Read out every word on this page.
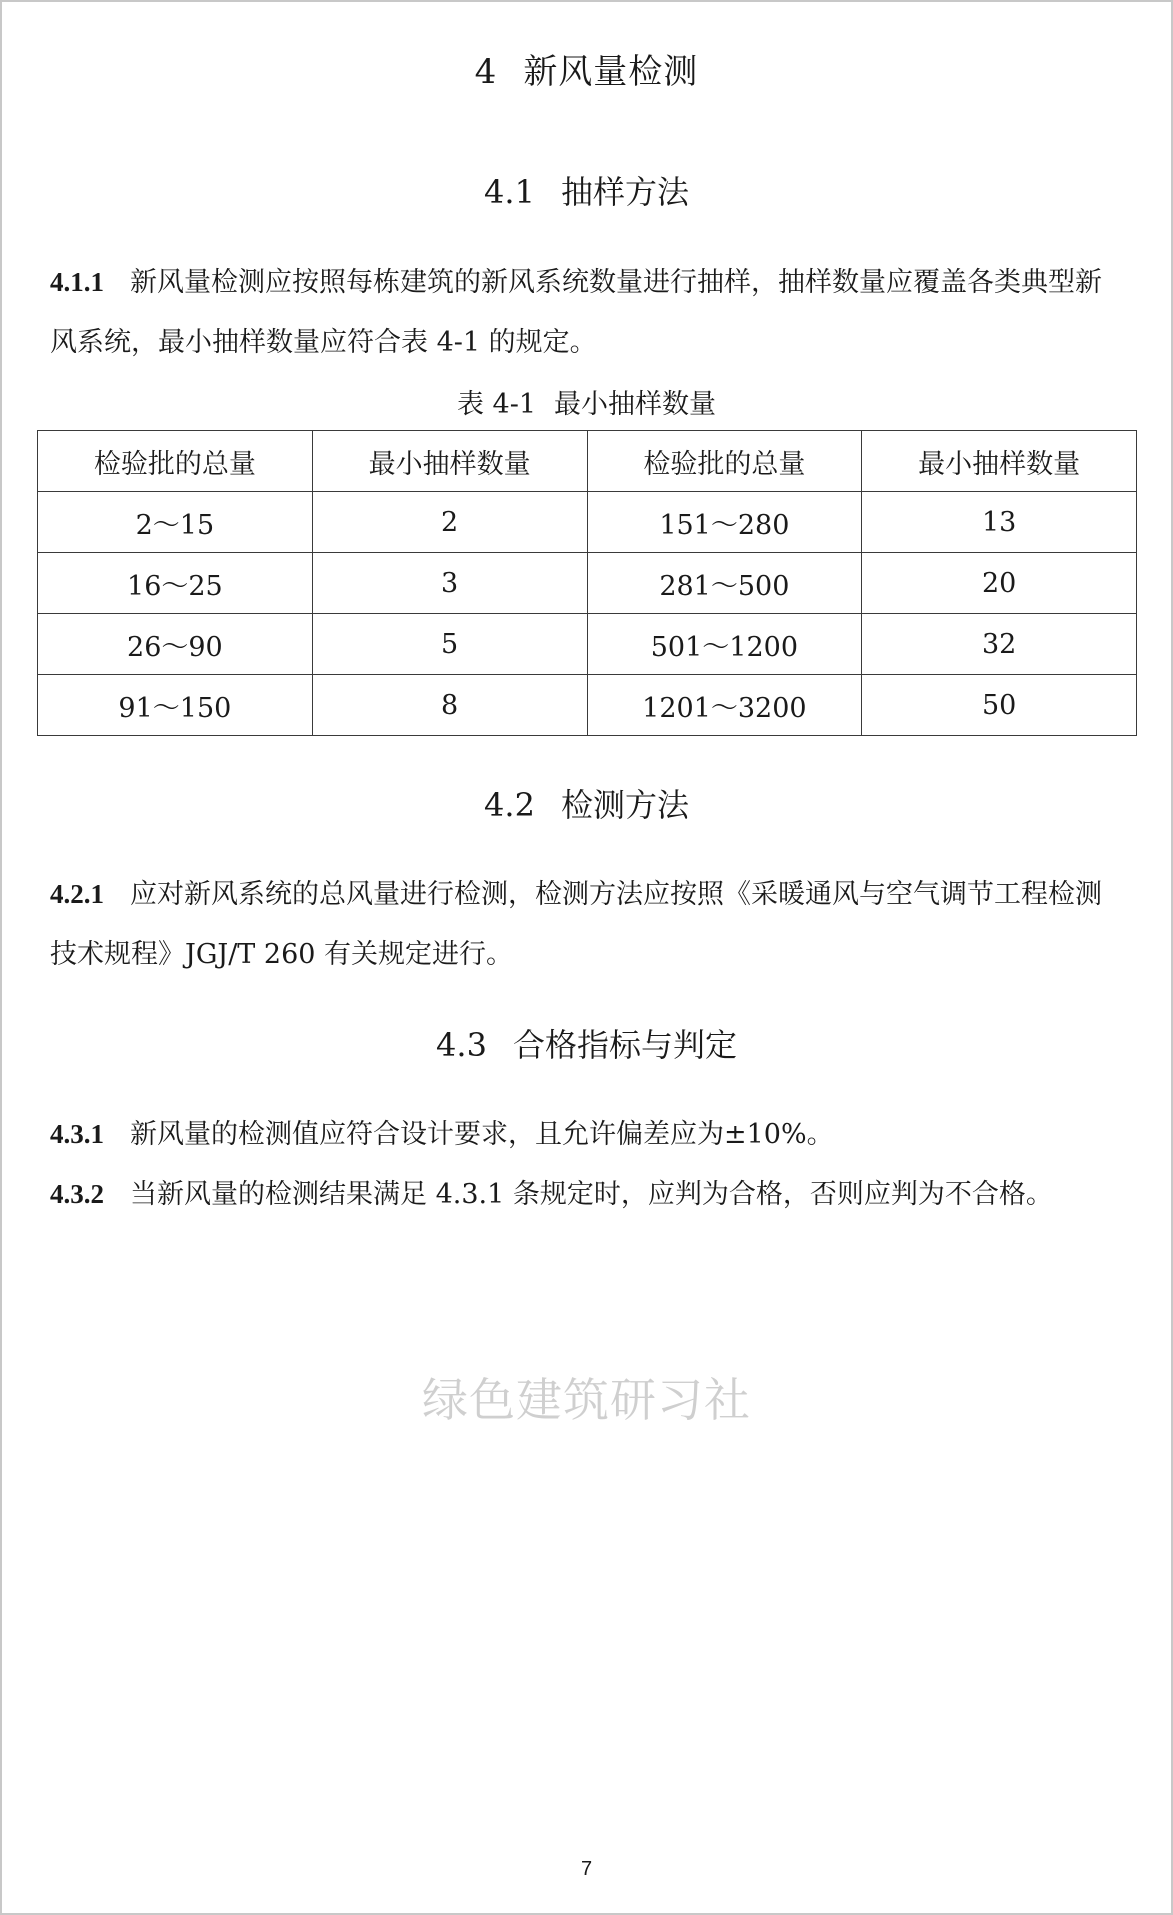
4 新风量检测
4.1 抽样方法
4.1.1 新风量检测应按照每栋建筑的新风系统数量进行抽样，抽样数量应覆盖各类典型新风系统，最小抽样数量应符合表 4-1 的规定。
表 4-1 最小抽样数量
检验批的总量	最小抽样数量	检验批的总量	最小抽样数量
2～15	2	151～280	13
16～25	3	281～500	20
26～90	5	501～1200	32
91～150	8	1201～3200	50
4.2 检测方法
4.2.1 应对新风系统的总风量进行检测，检测方法应按照《采暖通风与空气调节工程检测技术规程》JGJ/T 260 有关规定进行。
4.3 合格指标与判定
4.3.1 新风量的检测值应符合设计要求，且允许偏差应为±10%。
4.3.2 当新风量的检测结果满足 4.3.1 条规定时，应判为合格，否则应判为不合格。
绿色建筑研习社
7
